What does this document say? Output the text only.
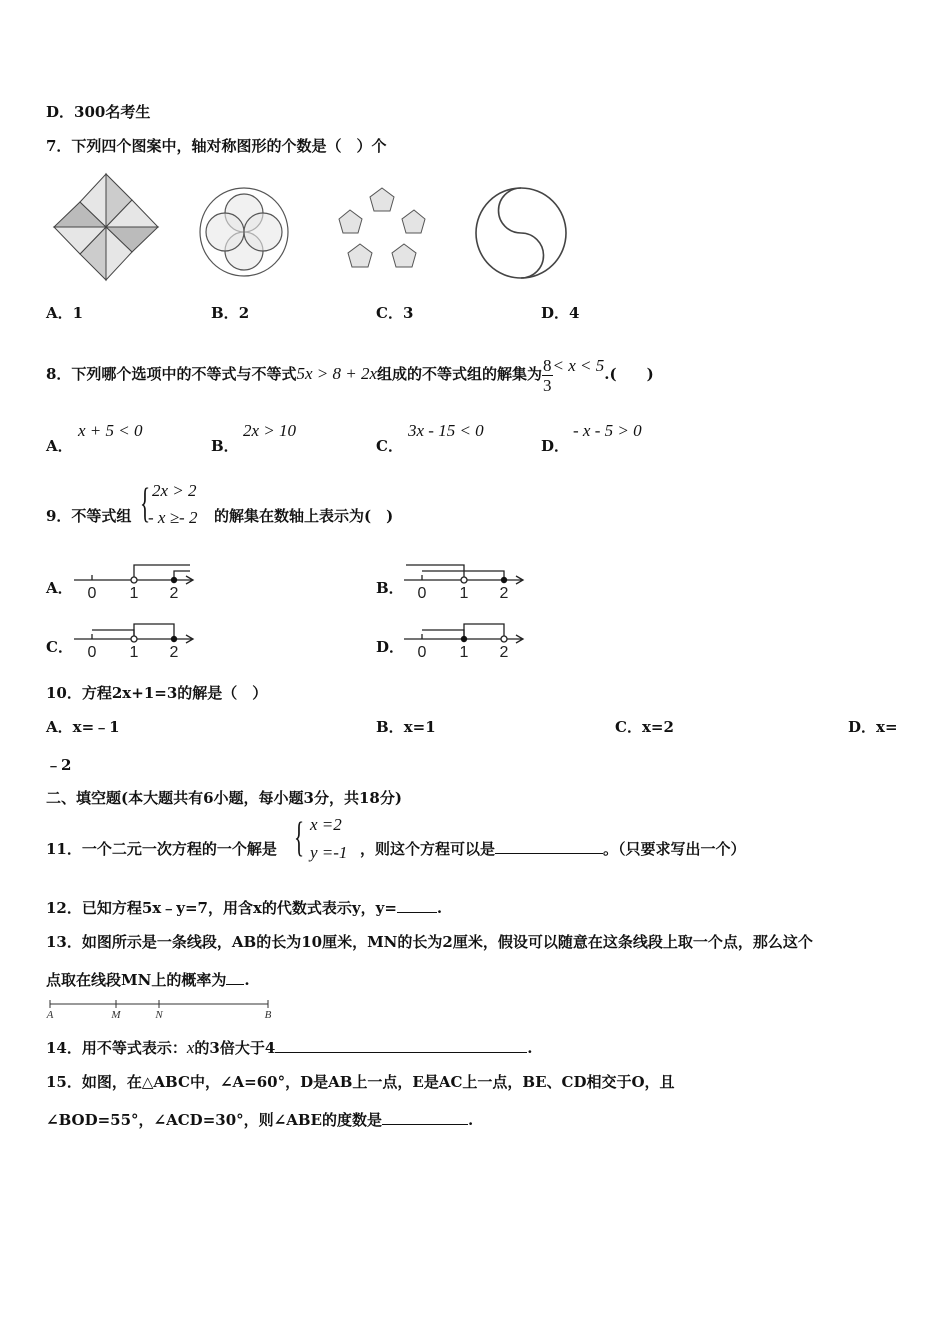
D．300名考生
7．下列四个图案中，轴对称图形的个数是（　）个
A．1	B．2	C．3	D．4
8．下列哪个选项中的不等式与不等式5x > 8 + 2x组成的不等式组的解集为 $\frac{8}{3} < x < 5$.(　　)
A．
x + 5 < 0
B．
2x > 10
C．
3x - 15 < 0
D．
- x - 5 > 0
9．不等式组 { 2x > 2
- x ≥- 2 的解集在数轴上表示为(　)
A．	B．
C．	D．
0 1 2	0 1 2
0 1 2	0 1 2
10．方程2x+1=3的解是（　）
A．x=﹣1	B．x=1	C．x=2	D．x=
﹣2
二、填空题(本大题共有6小题，每小题3分，共18分)
11．一个二元一次方程的一个解是 { x =2
y =-1 ，则这个方程可以是	。（只要求写出一个）
12．已知方程5x﹣y=7，用含x的代数式表示y，y=	.
13．如图所示是一条线段，AB的长为10厘米，MN的长为2厘米，假设可以随意在这条线段上取一个点，那么这个
点取在线段MN上的概率为 .
A	M	N	B
14．用不等式表示：x的3倍大于4	.
15．如图，在△ABC中，∠A=60°，D是AB上一点，E是AC上一点，BE、CD相交于O，且
∠BOD=55°，∠ACD=30°，则∠ABE的度数是	.
